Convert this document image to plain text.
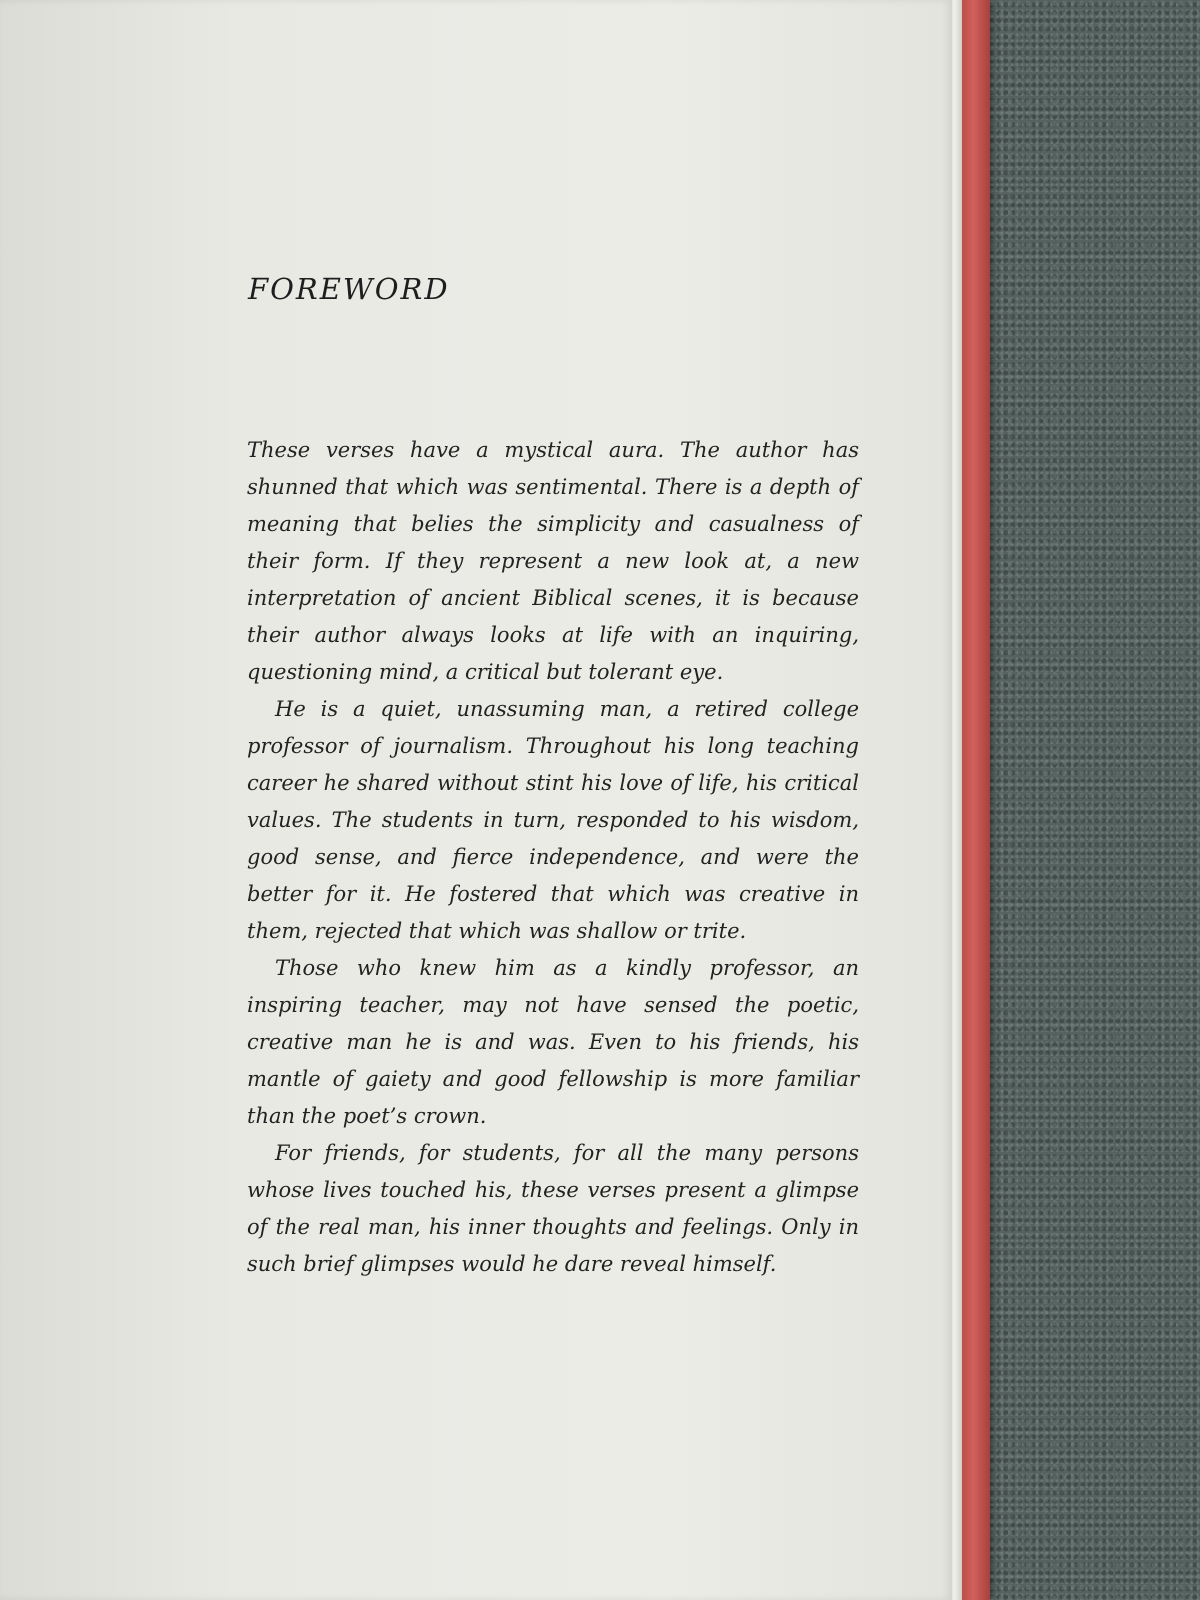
FOREWORD

These verses have a mystical aura. The author has shunned that which was sentimental. There is a depth of meaning that belies the simplicity and casualness of their form. If they represent a new look at, a new interpretation of ancient Biblical scenes, it is because their author always looks at life with an inquiring, questioning mind, a critical but tolerant eye.

He is a quiet, unassuming man, a retired college professor of journalism. Throughout his long teaching career he shared without stint his love of life, his critical values. The students in turn, responded to his wisdom, good sense, and fierce independence, and were the better for it. He fostered that which was creative in them, rejected that which was shallow or trite.

Those who knew him as a kindly professor, an inspiring teacher, may not have sensed the poetic, creative man he is and was. Even to his friends, his mantle of gaiety and good fellowship is more familiar than the poet’s crown.

For friends, for students, for all the many persons whose lives touched his, these verses present a glimpse of the real man, his inner thoughts and feelings. Only in such brief glimpses would he dare reveal himself.
